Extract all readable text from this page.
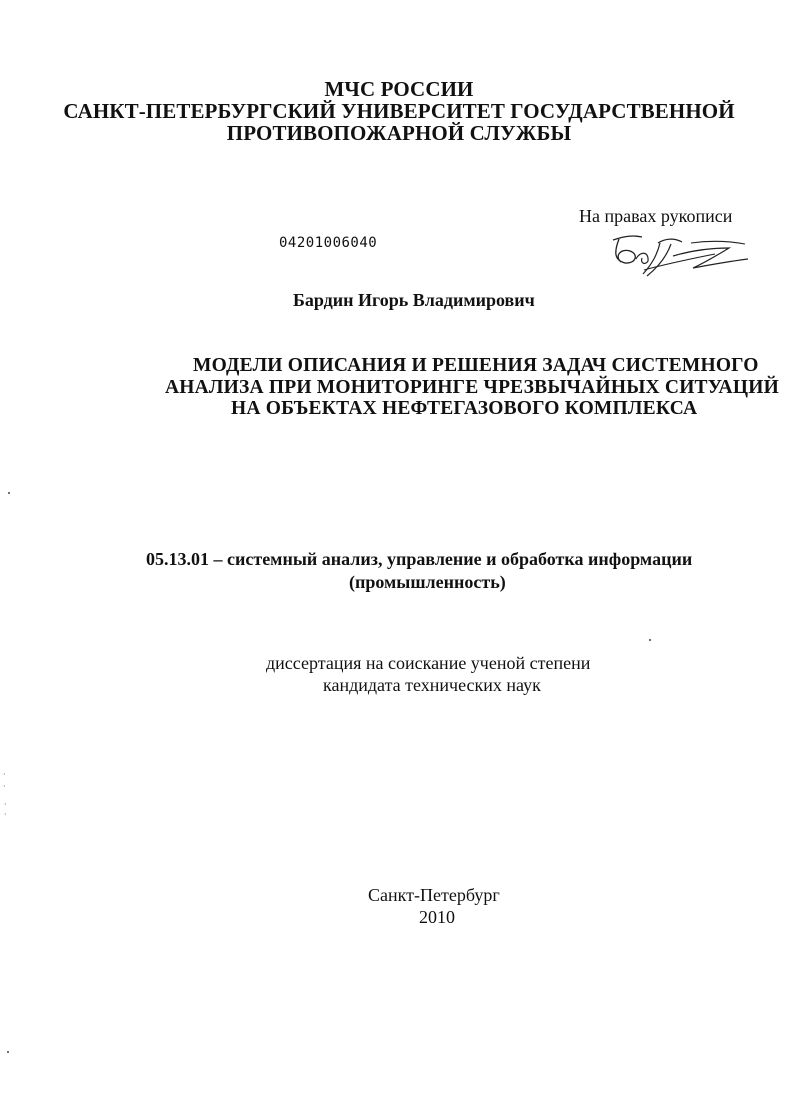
МЧС РОССИИ
САНКТ-ПЕТЕРБУРГСКИЙ УНИВЕРСИТЕТ ГОСУДАРСТВЕННОЙ
ПРОТИВОПОЖАРНОЙ СЛУЖБЫ
На правах рукописи
04201006040
Бардин Игорь Владимирович
МОДЕЛИ ОПИСАНИЯ И РЕШЕНИЯ ЗАДАЧ СИСТЕМНОГО
АНАЛИЗА ПРИ МОНИТОРИНГЕ ЧРЕЗВЫЧАЙНЫХ СИТУАЦИЙ
НА ОБЪЕКТАХ НЕФТЕГАЗОВОГО КОМПЛЕКСА
05.13.01 – системный анализ, управление и обработка информации
(промышленность)
диссертация на соискание ученой степени
кандидата технических наук
Санкт-Петербург
2010
·
·
·
·
